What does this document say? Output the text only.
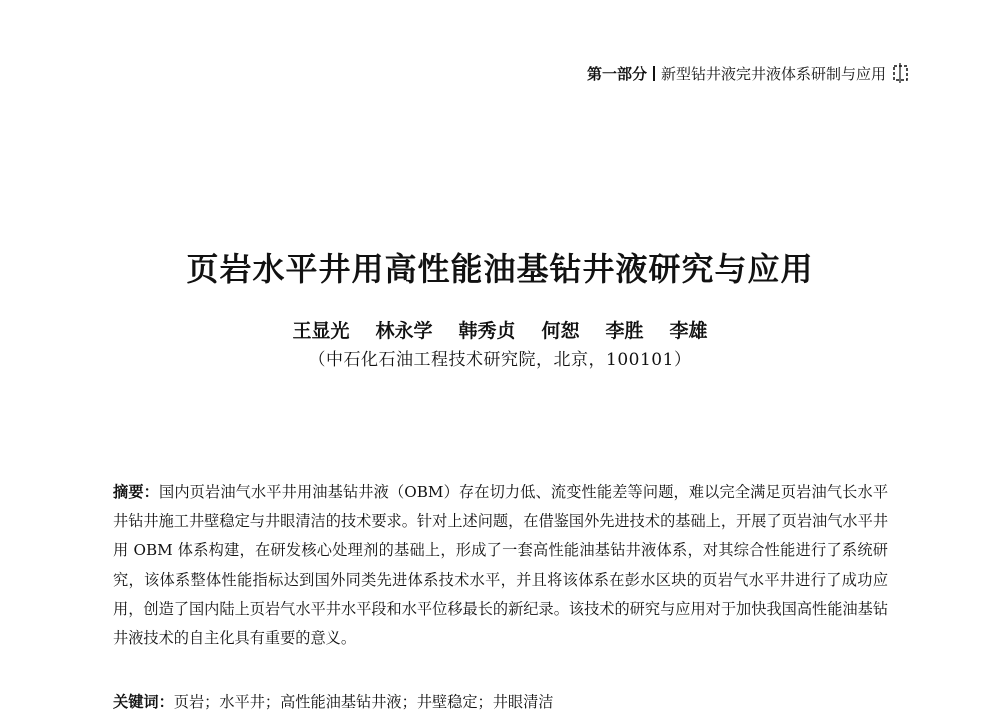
第一部分 新型钻井液完井液体系研制与应用
页岩水平井用高性能油基钻井液研究与应用
王显光 林永学 韩秀贞 何恕 李胜 李雄
（中石化石油工程技术研究院，北京，100101）
摘要：国内页岩油气水平井用油基钻井液（OBM）存在切力低、流变性能差等问题，难以完全满足页岩油气长水平井钻井施工井壁稳定与井眼清洁的技术要求。针对上述问题，在借鉴国外先进技术的基础上，开展了页岩油气水平井用 OBM 体系构建，在研发核心处理剂的基础上，形成了一套高性能油基钻井液体系，对其综合性能进行了系统研究，该体系整体性能指标达到国外同类先进体系技术水平，并且将该体系在彭水区块的页岩气水平井进行了成功应用，创造了国内陆上页岩气水平井水平段和水平位移最长的新纪录。该技术的研究与应用对于加快我国高性能油基钻井液技术的自主化具有重要的意义。
关键词：页岩；水平井；高性能油基钻井液；井壁稳定；井眼清洁
